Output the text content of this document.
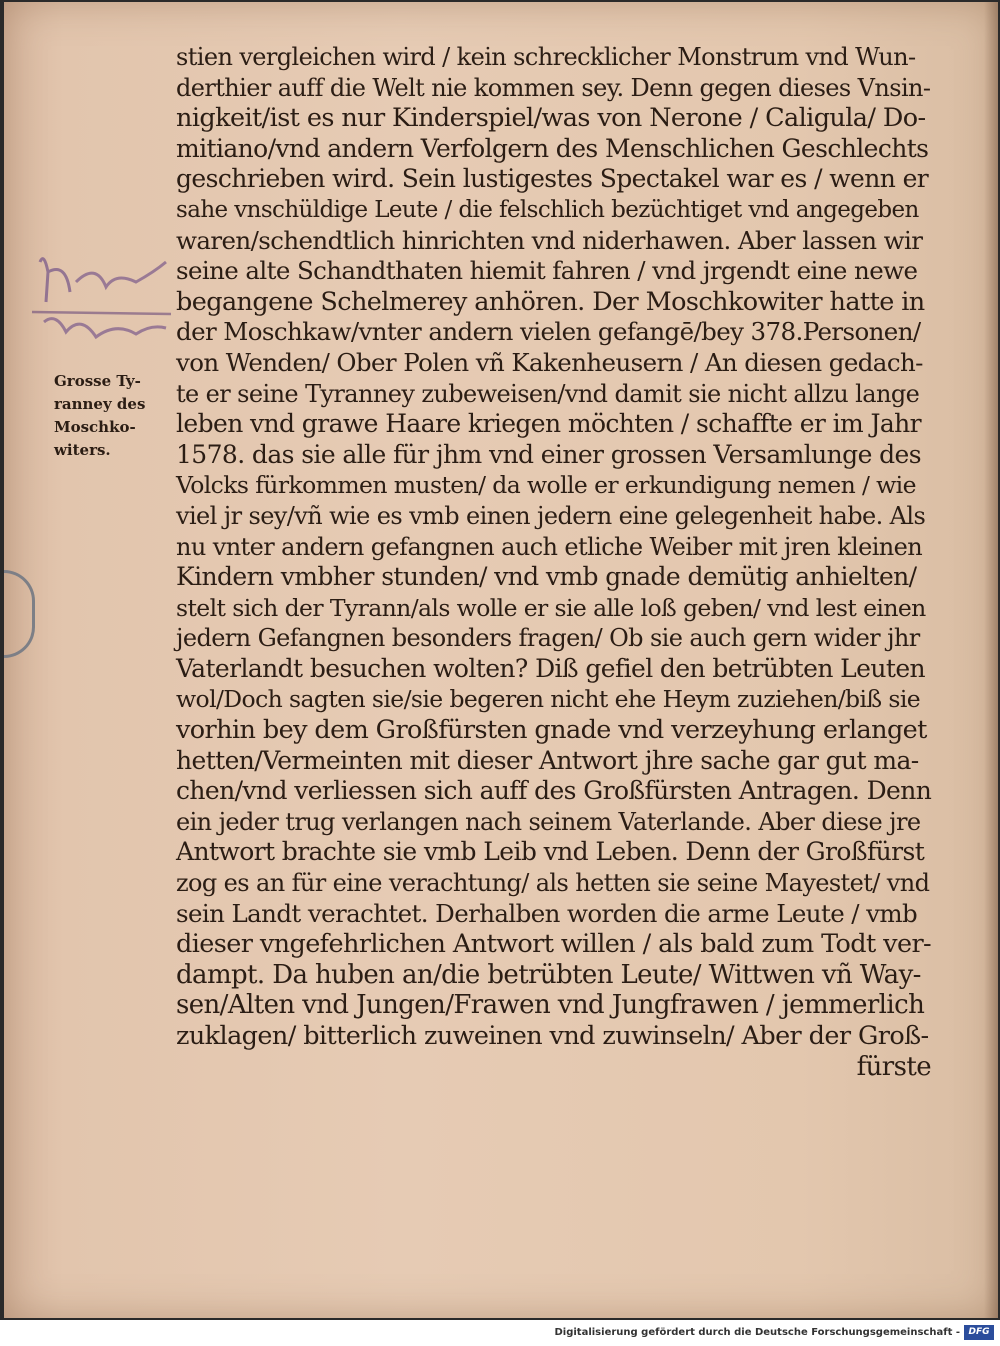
Grosse Ty-
ranney des
Moschko-
witers.
stien vergleichen wird / kein schrecklicher Monstrum vnd Wun-
derthier auff die Welt nie kommen sey. Denn gegen dieses Vnsin-
nigkeit/ist es nur Kinderspiel/was von Nerone / Caligula/ Do-
mitiano/vnd andern Verfolgern des Menschlichen Geschlechts
geschrieben wird. Sein lustigestes Spectakel war es / wenn er
sahe vnschüldige Leute / die felschlich bezüchtiget vnd angegeben
waren/schendtlich hinrichten vnd niderhawen. Aber lassen wir
seine alte Schandthaten hiemit fahren / vnd jrgendt eine newe
begangene Schelmerey anhören. Der Moschkowiter hatte in
der Moschkaw/vnter andern vielen gefangē/bey 378.Personen/
von Wenden/ Ober Polen vñ Kakenheusern / An diesen gedach-
te er seine Tyranney zubeweisen/vnd damit sie nicht allzu lange
leben vnd grawe Haare kriegen möchten / schaffte er im Jahr
1578. das sie alle für jhm vnd einer grossen Versamlunge des
Volcks fürkommen musten/ da wolle er erkundigung nemen / wie
viel jr sey/vñ wie es vmb einen jedern eine gelegenheit habe. Als
nu vnter andern gefangnen auch etliche Weiber mit jren kleinen
Kindern vmbher stunden/ vnd vmb gnade demütig anhielten/
stelt sich der Tyrann/als wolle er sie alle loß geben/ vnd lest einen
jedern Gefangnen besonders fragen/ Ob sie auch gern wider jhr
Vaterlandt besuchen wolten? Diß gefiel den betrübten Leuten
wol/Doch sagten sie/sie begeren nicht ehe Heym zuziehen/biß sie
vorhin bey dem Großfürsten gnade vnd verzeyhung erlanget
hetten/Vermeinten mit dieser Antwort jhre sache gar gut ma-
chen/vnd verliessen sich auff des Großfürsten Antragen. Denn
ein jeder trug verlangen nach seinem Vaterlande. Aber diese jre
Antwort brachte sie vmb Leib vnd Leben. Denn der Großfürst
zog es an für eine verachtung/ als hetten sie seine Mayestet/ vnd
sein Landt verachtet. Derhalben worden die arme Leute / vmb
dieser vngefehrlichen Antwort willen / als bald zum Todt ver-
dampt. Da huben an/die betrübten Leute/ Wittwen vñ Way-
sen/Alten vnd Jungen/Frawen vnd Jungfrawen / jemmerlich
zuklagen/ bitterlich zuweinen vnd zuwinseln/ Aber der Groß-
fürste
Digitalisierung gefördert durch die Deutsche Forschungsgemeinschaft - DFG
